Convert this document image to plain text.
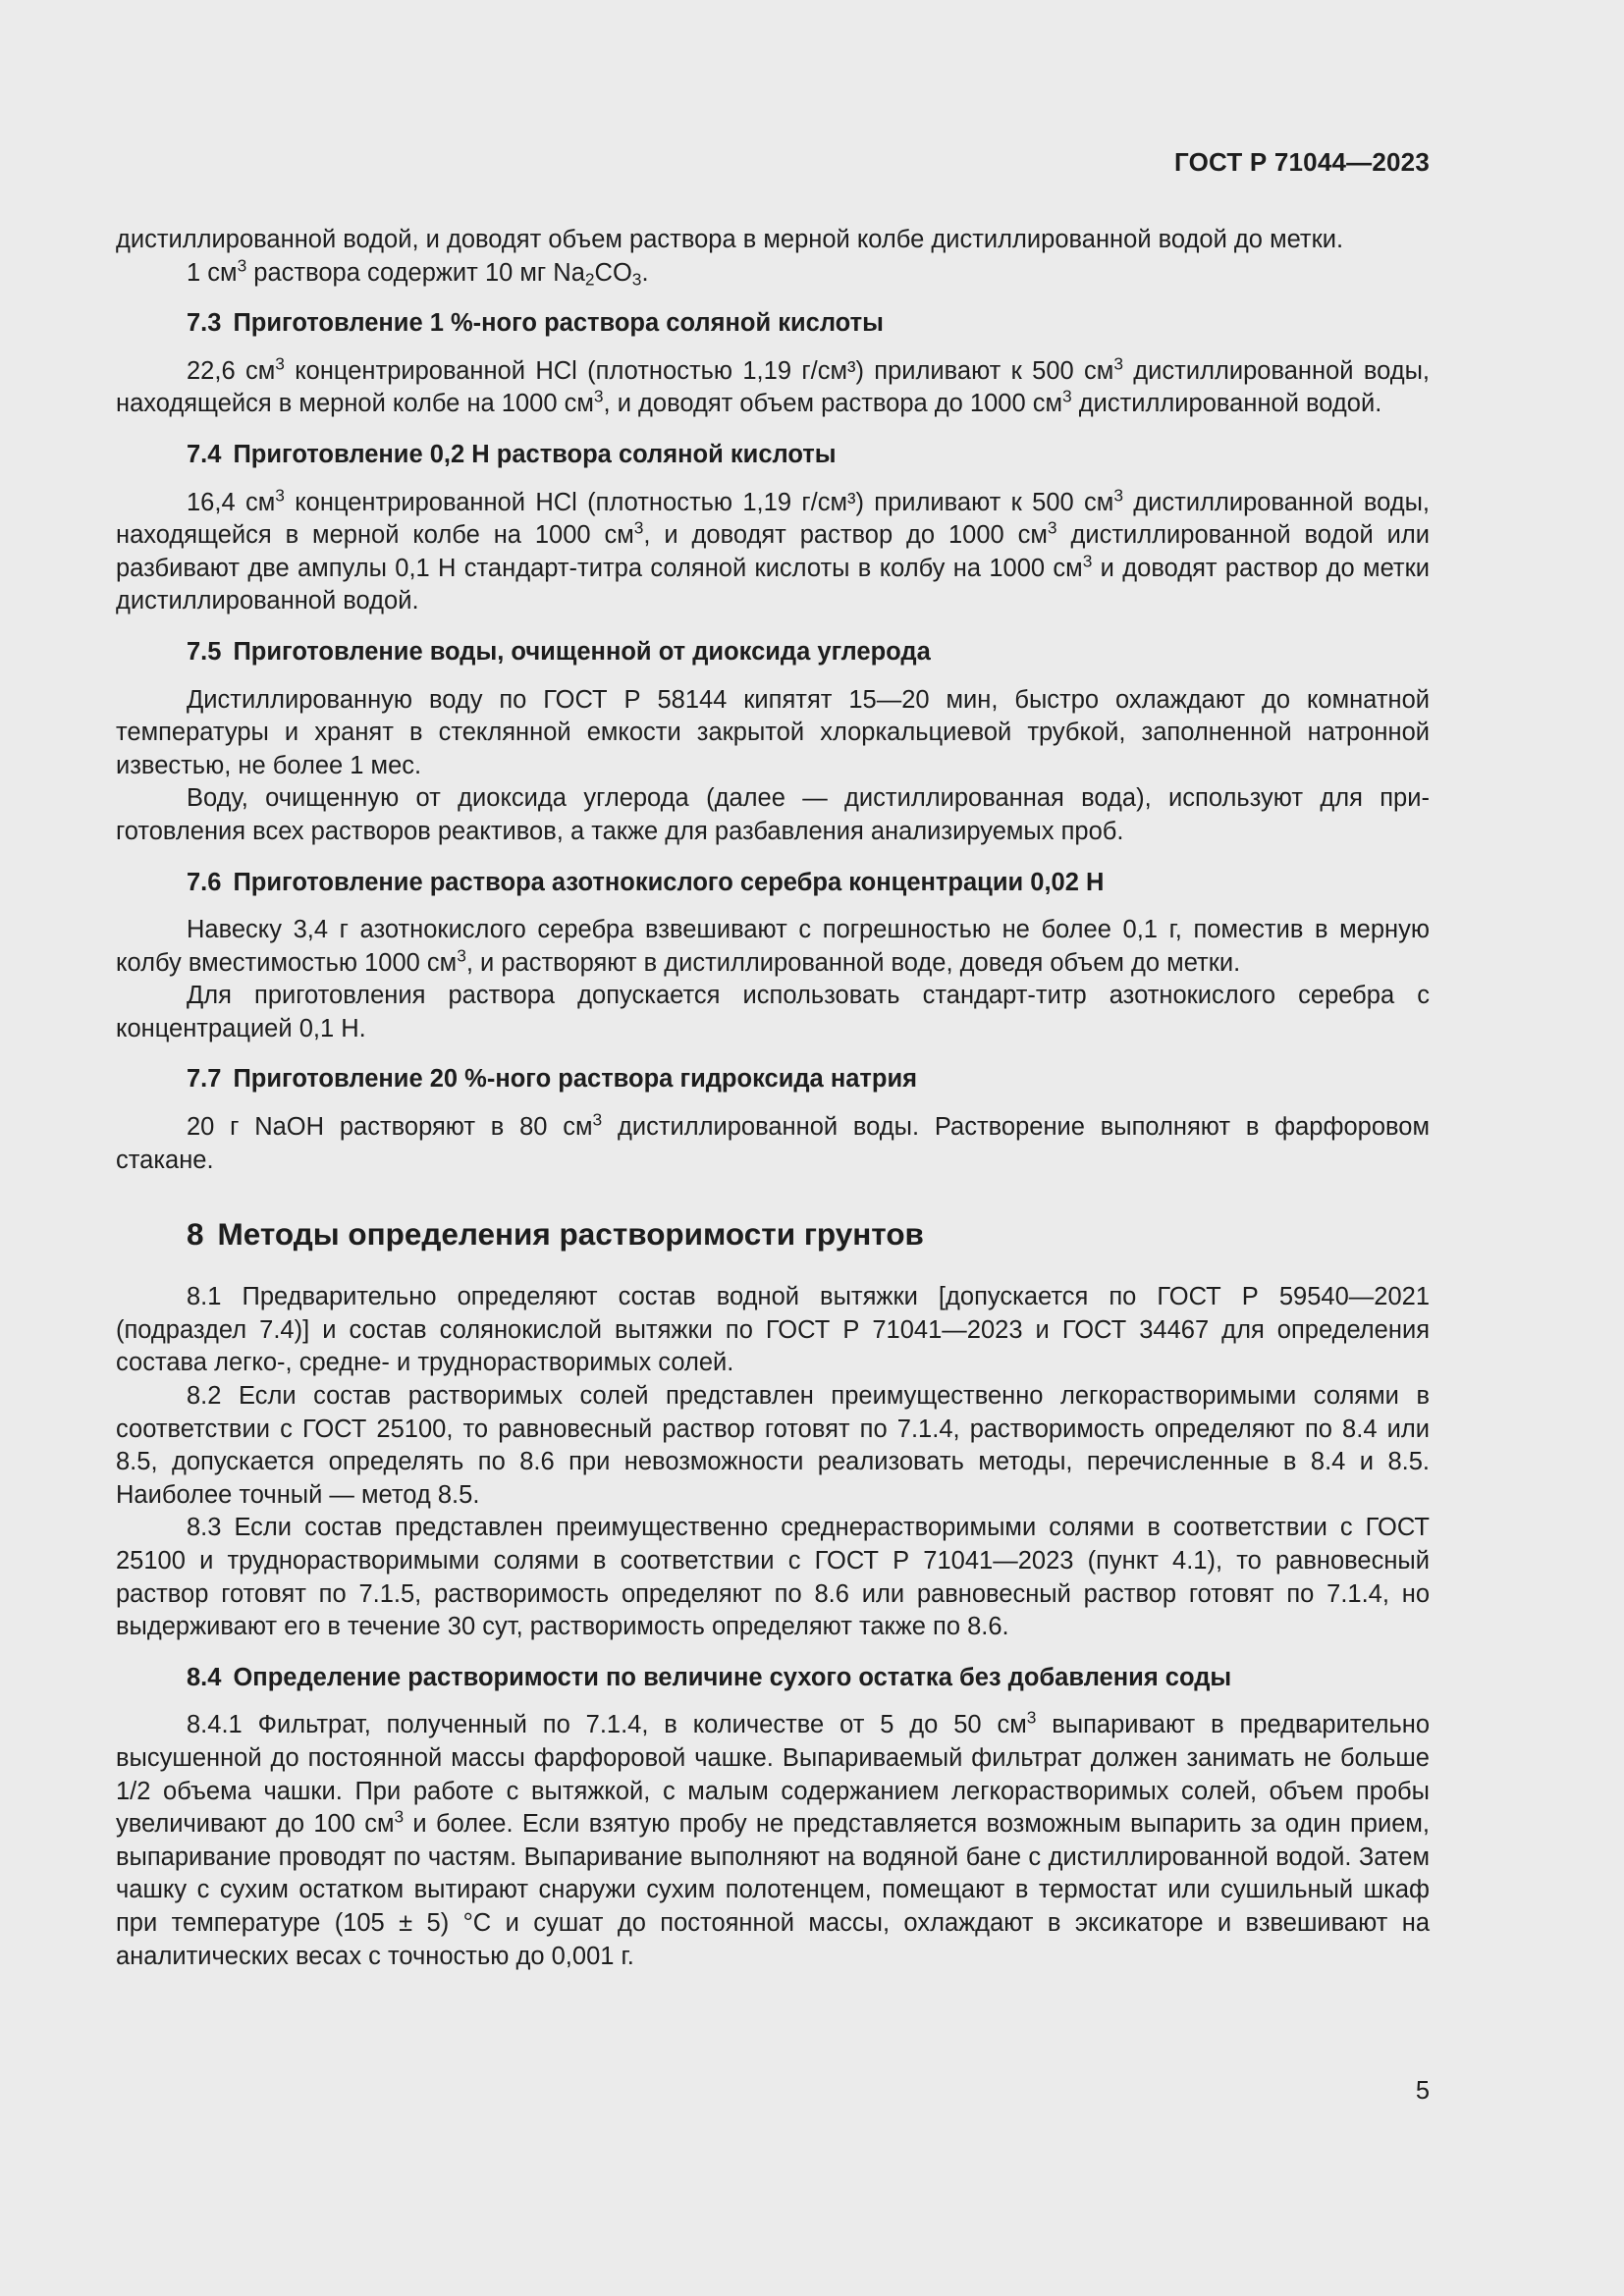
ГОСТ Р 71044—2023

дистиллированной водой, и доводят объем раствора в мерной колбе дистиллированной водой до метки.

1 $см^3$ раствора содержит 10 мг $Na_2CO_3$.

7.3 Приготовление 1 %-ного раствора соляной кислоты

22,6 $см^3$ концентрированной HCl (плотностью 1,19 г/см³) приливают к 500 $см^3$ дистиллированной воды, находящейся в мерной колбе на 1000 $см^3$, и доводят объем раствора до 1000 $см^3$ дистиллированной водой.

7.4 Приготовление 0,2 Н раствора соляной кислоты

16,4 $см^3$ концентрированной HCl (плотностью 1,19 г/см³) приливают к 500 $см^3$ дистиллированной воды, находящейся в мерной колбе на 1000 $см^3$, и доводят раствор до 1000 $см^3$ дистиллированной водой или разбивают две ампулы 0,1 Н стандарт-титра соляной кислоты в колбу на 1000 $см^3$ и доводят раствор до метки дистиллированной водой.

7.5 Приготовление воды, очищенной от диоксида углерода

Дистиллированную воду по ГОСТ Р 58144 кипятят 15—20 мин, быстро охлаждают до комнатной температуры и хранят в стеклянной емкости закрытой хлоркальциевой трубкой, заполненной натронной известью, не более 1 мес.

Воду, очищенную от диоксида углерода (далее — дистиллированная вода), используют для приготовления всех растворов реактивов, а также для разбавления анализируемых проб.

7.6 Приготовление раствора азотнокислого серебра концентрации 0,02 Н

Навеску 3,4 г азотнокислого серебра взвешивают с погрешностью не более 0,1 г, поместив в мерную колбу вместимостью 1000 $см^3$, и растворяют в дистиллированной воде, доведя объем до метки.

Для приготовления раствора допускается использовать стандарт-титр азотнокислого серебра с концентрацией 0,1 Н.

7.7 Приготовление 20 %-ного раствора гидроксида натрия

20 г NaOH растворяют в 80 $см^3$ дистиллированной воды. Растворение выполняют в фарфоровом стакане.

8 Методы определения растворимости грунтов

8.1 Предварительно определяют состав водной вытяжки [допускается по ГОСТ Р 59540—2021 (подраздел 7.4)] и состав солянокислой вытяжки по ГОСТ Р 71041—2023 и ГОСТ 34467 для определения состава легко-, средне- и труднорастворимых солей.

8.2 Если состав растворимых солей представлен преимущественно легкорастворимыми солями в соответствии с ГОСТ 25100, то равновесный раствор готовят по 7.1.4, растворимость определяют по 8.4 или 8.5, допускается определять по 8.6 при невозможности реализовать методы, перечисленные в 8.4 и 8.5. Наиболее точный — метод 8.5.

8.3 Если состав представлен преимущественно среднерастворимыми солями в соответствии с ГОСТ 25100 и труднорастворимыми солями в соответствии с ГОСТ Р 71041—2023 (пункт 4.1), то равновесный раствор готовят по 7.1.5, растворимость определяют по 8.6 или равновесный раствор готовят по 7.1.4, но выдерживают его в течение 30 сут, растворимость определяют также по 8.6.

8.4 Определение растворимости по величине сухого остатка без добавления соды

8.4.1 Фильтрат, полученный по 7.1.4, в количестве от 5 до 50 $см^3$ выпаривают в предварительно высушенной до постоянной массы фарфоровой чашке. Выпариваемый фильтрат должен занимать не больше 1/2 объема чашки. При работе с вытяжкой, с малым содержанием легкорастворимых солей, объем пробы увеличивают до 100 $см^3$ и более. Если взятую пробу не представляется возможным выпарить за один прием, выпаривание проводят по частям. Выпаривание выполняют на водяной бане с дистиллированной водой. Затем чашку с сухим остатком вытирают снаружи сухим полотенцем, помещают в термостат или сушильный шкаф при температуре (105 ± 5) °С и сушат до постоянной массы, охлаждают в эксикаторе и взвешивают на аналитических весах с точностью до 0,001 г.

5
